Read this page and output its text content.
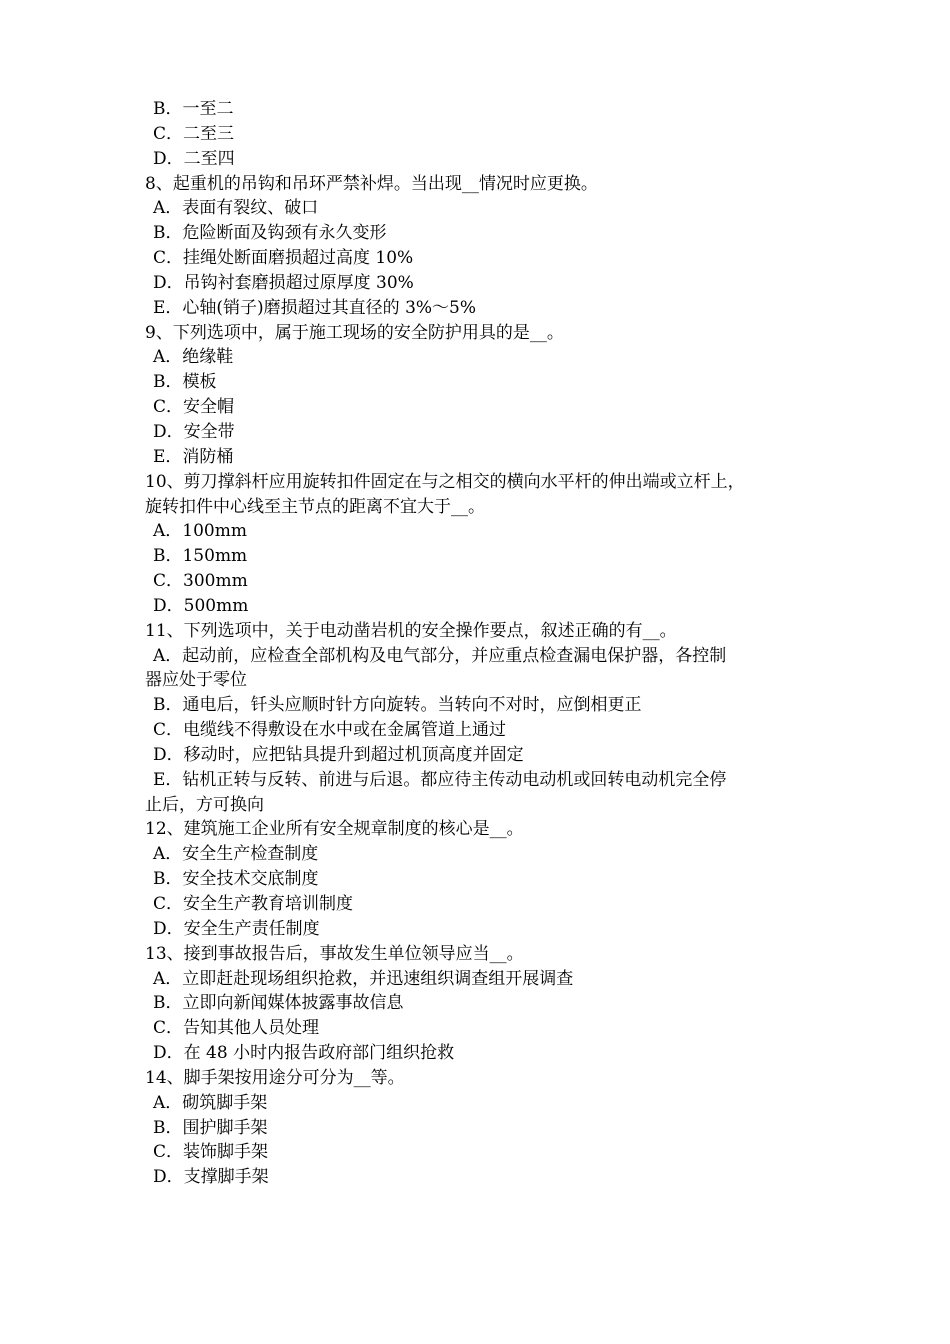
B．一至二
C．二至三
D．二至四
8、起重机的吊钩和吊环严禁补焊。当出现__情况时应更换。
A．表面有裂纹、破口
B．危险断面及钩颈有永久变形
C．挂绳处断面磨损超过高度 10%
D．吊钩衬套磨损超过原厚度 30%
E．心轴(销子)磨损超过其直径的 3%～5%
9、下列选项中，属于施工现场的安全防护用具的是__。
A．绝缘鞋
B．模板
C．安全帽
D．安全带
E．消防桶
10、剪刀撑斜杆应用旋转扣件固定在与之相交的横向水平杆的伸出端或立杆上，
旋转扣件中心线至主节点的距离不宜大于__。
A．100mm
B．150mm
C．300mm
D．500mm
11、下列选项中，关于电动凿岩机的安全操作要点，叙述正确的有__。
A．起动前，应检查全部机构及电气部分，并应重点检查漏电保护器，各控制
器应处于零位
B．通电后，钎头应顺时针方向旋转。当转向不对时，应倒相更正
C．电缆线不得敷设在水中或在金属管道上通过
D．移动时，应把钻具提升到超过机顶高度并固定
E．钻机正转与反转、前进与后退。都应待主传动电动机或回转电动机完全停
止后，方可换向
12、建筑施工企业所有安全规章制度的核心是__。
A．安全生产检查制度
B．安全技术交底制度
C．安全生产教育培训制度
D．安全生产责任制度
13、接到事故报告后，事故发生单位领导应当__。
A．立即赶赴现场组织抢救，并迅速组织调查组开展调查
B．立即向新闻媒体披露事故信息
C．告知其他人员处理
D．在 48 小时内报告政府部门组织抢救
14、脚手架按用途分可分为__等。
A．砌筑脚手架
B．围护脚手架
C．装饰脚手架
D．支撑脚手架
